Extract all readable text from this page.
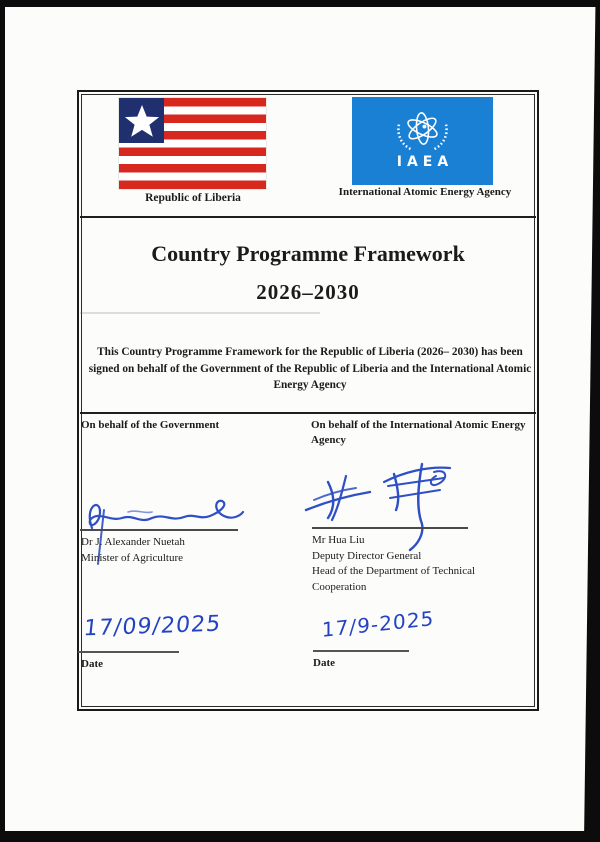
Republic of Liberia
IAEA
International Atomic Energy Agency
Country Programme Framework
2026–2030
This Country Programme Framework for the Republic of Liberia (2026– 2030) has been signed on behalf of the Government of the Republic of Liberia and the International Atomic Energy Agency
On behalf of the Government	On behalf of the International Atomic Energy Agency
Dr J. Alexander Nuetah
Minister of Agriculture
Mr Hua Liu
Deputy Director General
Head of the Department of Technical Cooperation
17/09/2025
Date
17/9-2025
Date
